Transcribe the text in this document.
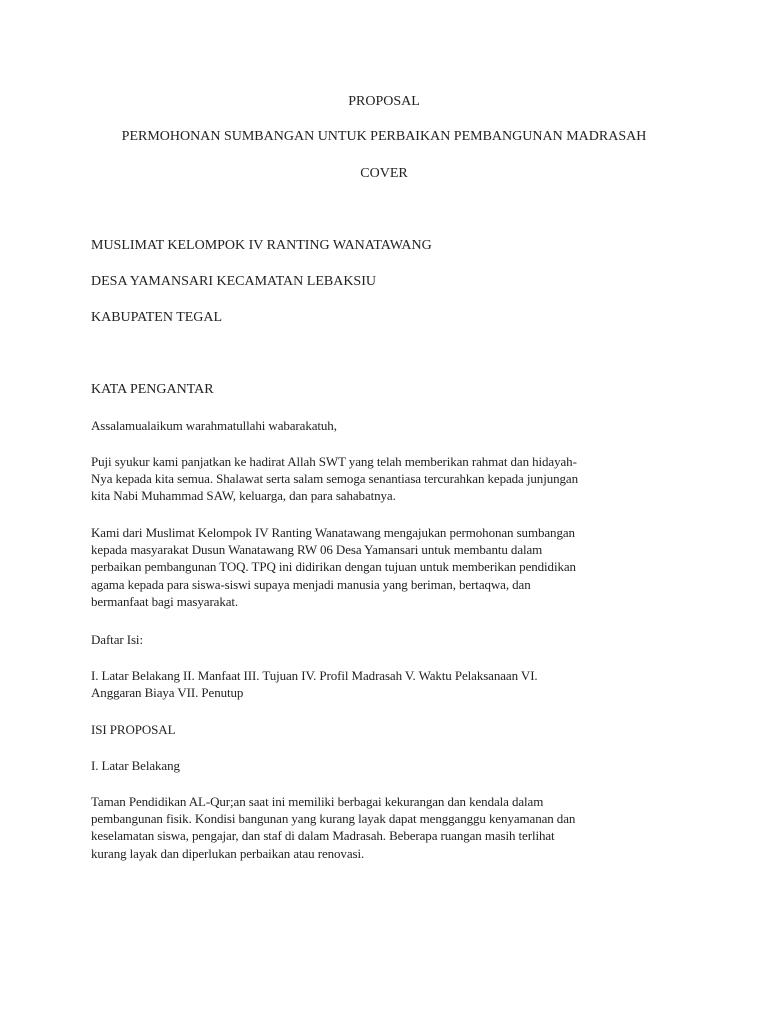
PROPOSAL
PERMOHONAN SUMBANGAN UNTUK PERBAIKAN PEMBANGUNAN MADRASAH
COVER
MUSLIMAT KELOMPOK IV RANTING WANATAWANG
DESA YAMANSARI KECAMATAN LEBAKSIU
KABUPATEN TEGAL
KATA PENGANTAR
Assalamualaikum warahmatullahi wabarakatuh,
Puji syukur kami panjatkan ke hadirat Allah SWT yang telah memberikan rahmat dan hidayah-
Nya kepada kita semua. Shalawat serta salam semoga senantiasa tercurahkan kepada junjungan
kita Nabi Muhammad SAW, keluarga, dan para sahabatnya.
Kami dari Muslimat Kelompok IV Ranting Wanatawang mengajukan permohonan sumbangan
kepada masyarakat Dusun Wanatawang RW 06 Desa Yamansari untuk membantu dalam
perbaikan pembangunan TOQ. TPQ ini didirikan dengan tujuan untuk memberikan pendidikan
agama kepada para siswa-siswi supaya menjadi manusia yang beriman, bertaqwa, dan
bermanfaat bagi masyarakat.
Daftar Isi:
I. Latar Belakang II. Manfaat III. Tujuan IV. Profil Madrasah V. Waktu Pelaksanaan VI.
Anggaran Biaya VII. Penutup
ISI PROPOSAL
I. Latar Belakang
Taman Pendidikan AL-Qur;an saat ini memiliki berbagai kekurangan dan kendala dalam
pembangunan fisik. Kondisi bangunan yang kurang layak dapat mengganggu kenyamanan dan
keselamatan siswa, pengajar, dan staf di dalam Madrasah. Beberapa ruangan masih terlihat
kurang layak dan diperlukan perbaikan atau renovasi.
